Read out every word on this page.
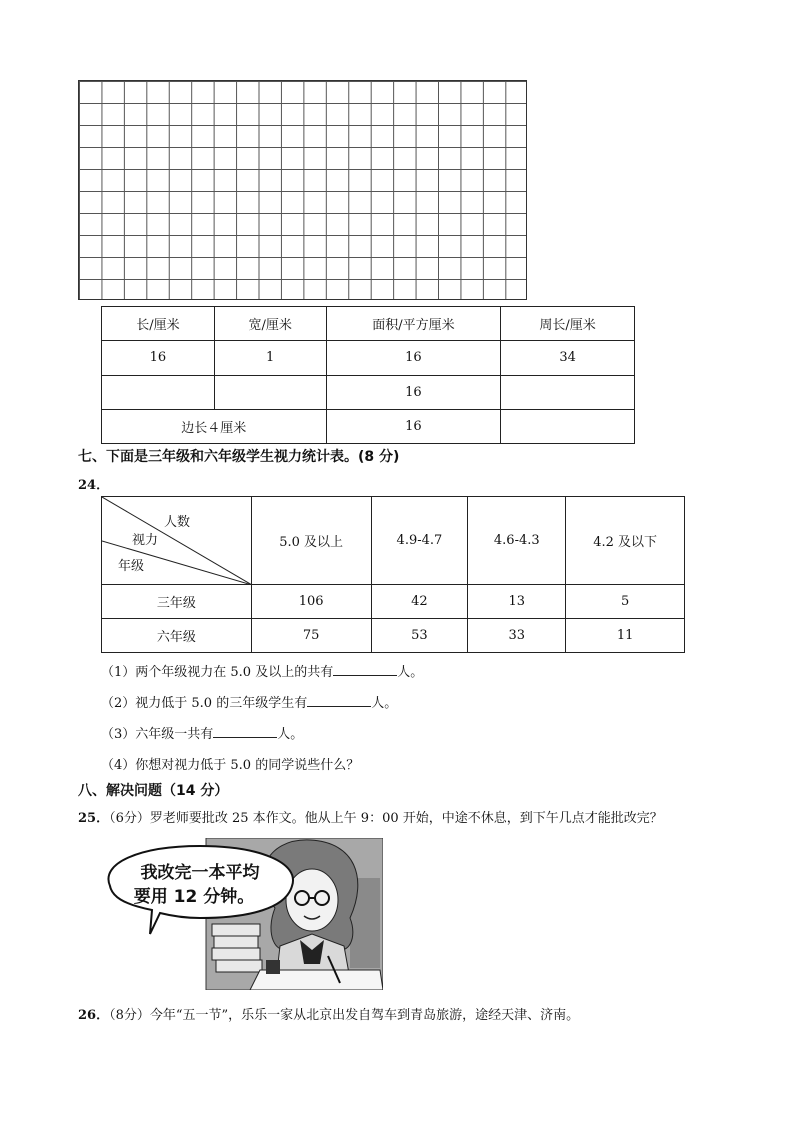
长/厘米	宽/厘米	面积/平方厘米	周长/厘米
16	1	16	34
		16	
边长４厘米		16	
七、下面是三年级和六年级学生视力统计表。(8 分)
24．
人数
视力
年级	5.0 及以上	4.9-4.7	4.6-4.3	4.2 及以下
三年级	106	42	13	5
六年级	75	53	33	11
（1）两个年级视力在 5.0 及以上的共有	人。
（2）视力低于 5.0 的三年级学生有	人。
（3）六年级一共有	人。
（4）你想对视力低于 5.0 的同学说些什么？
八、解决问题（14 分）
25．（6分）罗老师要批改 25 本作文。他从上午 9：00 开始，中途不休息，到下午几点才能批改完？
我改完一本平均
要用 12 分钟。
26．（8分）今年“五一节”，乐乐一家从北京出发自驾车到青岛旅游，途经天津、济南。
